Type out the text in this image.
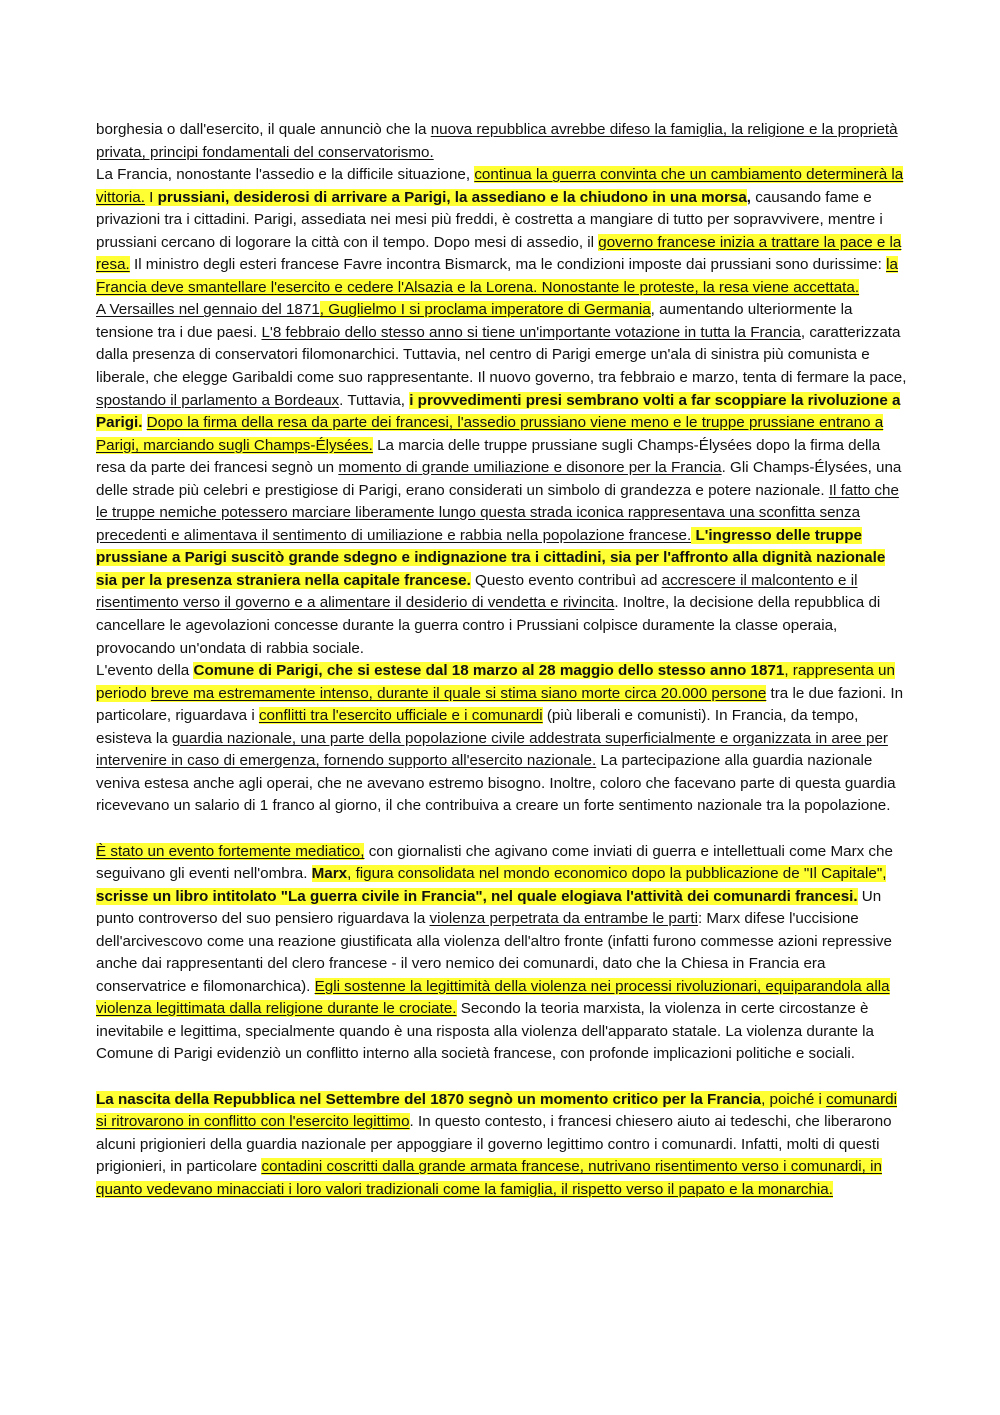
borghesia o dall'esercito, il quale annunciò che la nuova repubblica avrebbe difeso la famiglia, la religione e la proprietà privata, principi fondamentali del conservatorismo.

La Francia, nonostante l'assedio e la difficile situazione, continua la guerra convinta che un cambiamento determinerà la vittoria. I prussiani, desiderosi di arrivare a Parigi, la assediano e la chiudono in una morsa, causando fame e privazioni tra i cittadini. Parigi, assediata nei mesi più freddi, è costretta a mangiare di tutto per sopravvivere, mentre i prussiani cercano di logorare la città con il tempo. Dopo mesi di assedio, il governo francese inizia a trattare la pace e la resa. Il ministro degli esteri francese Favre incontra Bismarck, ma le condizioni imposte dai prussiani sono durissime: la Francia deve smantellare l'esercito e cedere l'Alsazia e la Lorena. Nonostante le proteste, la resa viene accettata.

A Versailles nel gennaio del 1871, Guglielmo I si proclama imperatore di Germania, aumentando ulteriormente la tensione tra i due paesi. L'8 febbraio dello stesso anno si tiene un'importante votazione in tutta la Francia, caratterizzata dalla presenza di conservatori filomonarchici. Tuttavia, nel centro di Parigi emerge un'ala di sinistra più comunista e liberale, che elegge Garibaldi come suo rappresentante. Il nuovo governo, tra febbraio e marzo, tenta di fermare la pace, spostando il parlamento a Bordeaux. Tuttavia, i provvedimenti presi sembrano volti a far scoppiare la rivoluzione a Parigi. Dopo la firma della resa da parte dei francesi, l'assedio prussiano viene meno e le truppe prussiane entrano a Parigi, marciando sugli Champs-Élysées. La marcia delle truppe prussiane sugli Champs-Élysées dopo la firma della resa da parte dei francesi segnò un momento di grande umiliazione e disonore per la Francia. Gli Champs-Élysées, una delle strade più celebri e prestigiose di Parigi, erano considerati un simbolo di grandezza e potere nazionale. Il fatto che le truppe nemiche potessero marciare liberamente lungo questa strada iconica rappresentava una sconfitta senza precedenti e alimentava il sentimento di umiliazione e rabbia nella popolazione francese. L'ingresso delle truppe prussiane a Parigi suscitò grande sdegno e indignazione tra i cittadini, sia per l'affronto alla dignità nazionale sia per la presenza straniera nella capitale francese. Questo evento contribuì ad accrescere il malcontento e il risentimento verso il governo e a alimentare il desiderio di vendetta e rivincita. Inoltre, la decisione della repubblica di cancellare le agevolazioni concesse durante la guerra contro i Prussiani colpisce duramente la classe operaia, provocando un'ondata di rabbia sociale.

L'evento della Comune di Parigi, che si estese dal 18 marzo al 28 maggio dello stesso anno 1871, rappresenta un periodo breve ma estremamente intenso, durante il quale si stima siano morte circa 20.000 persone tra le due fazioni. In particolare, riguardava i conflitti tra l'esercito ufficiale e i comunardi (più liberali e comunisti). In Francia, da tempo, esisteva la guardia nazionale, una parte della popolazione civile addestrata superficialmente e organizzata in aree per intervenire in caso di emergenza, fornendo supporto all'esercito nazionale. La partecipazione alla guardia nazionale veniva estesa anche agli operai, che ne avevano estremo bisogno. Inoltre, coloro che facevano parte di questa guardia ricevevano un salario di 1 franco al giorno, il che contribuiva a creare un forte sentimento nazionale tra la popolazione.

È stato un evento fortemente mediatico, con giornalisti che agivano come inviati di guerra e intellettuali come Marx che seguivano gli eventi nell'ombra. Marx, figura consolidata nel mondo economico dopo la pubblicazione de "Il Capitale", scrisse un libro intitolato "La guerra civile in Francia", nel quale elogiava l'attività dei comunardi francesi. Un punto controverso del suo pensiero riguardava la violenza perpetrata da entrambe le parti: Marx difese l'uccisione dell'arcivescovo come una reazione giustificata alla violenza dell'altro fronte (infatti furono commesse azioni repressive anche dai rappresentanti del clero francese - il vero nemico dei comunardi, dato che la Chiesa in Francia era conservatrice e filomonarchica). Egli sostenne la legittimità della violenza nei processi rivoluzionari, equiparandola alla violenza legittimata dalla religione durante le crociate. Secondo la teoria marxista, la violenza in certe circostanze è inevitabile e legittima, specialmente quando è una risposta alla violenza dell'apparato statale. La violenza durante la Comune di Parigi evidenziò un conflitto interno alla società francese, con profonde implicazioni politiche e sociali.

La nascita della Repubblica nel Settembre del 1870 segnò un momento critico per la Francia, poiché i comunardi si ritrovarono in conflitto con l'esercito legittimo. In questo contesto, i francesi chiesero aiuto ai tedeschi, che liberarono alcuni prigionieri della guardia nazionale per appoggiare il governo legittimo contro i comunardi. Infatti, molti di questi prigionieri, in particolare contadini coscritti dalla grande armata francese, nutrivano risentimento verso i comunardi, in quanto vedevano minacciati i loro valori tradizionali come la famiglia, il rispetto verso il papato e la monarchia.
